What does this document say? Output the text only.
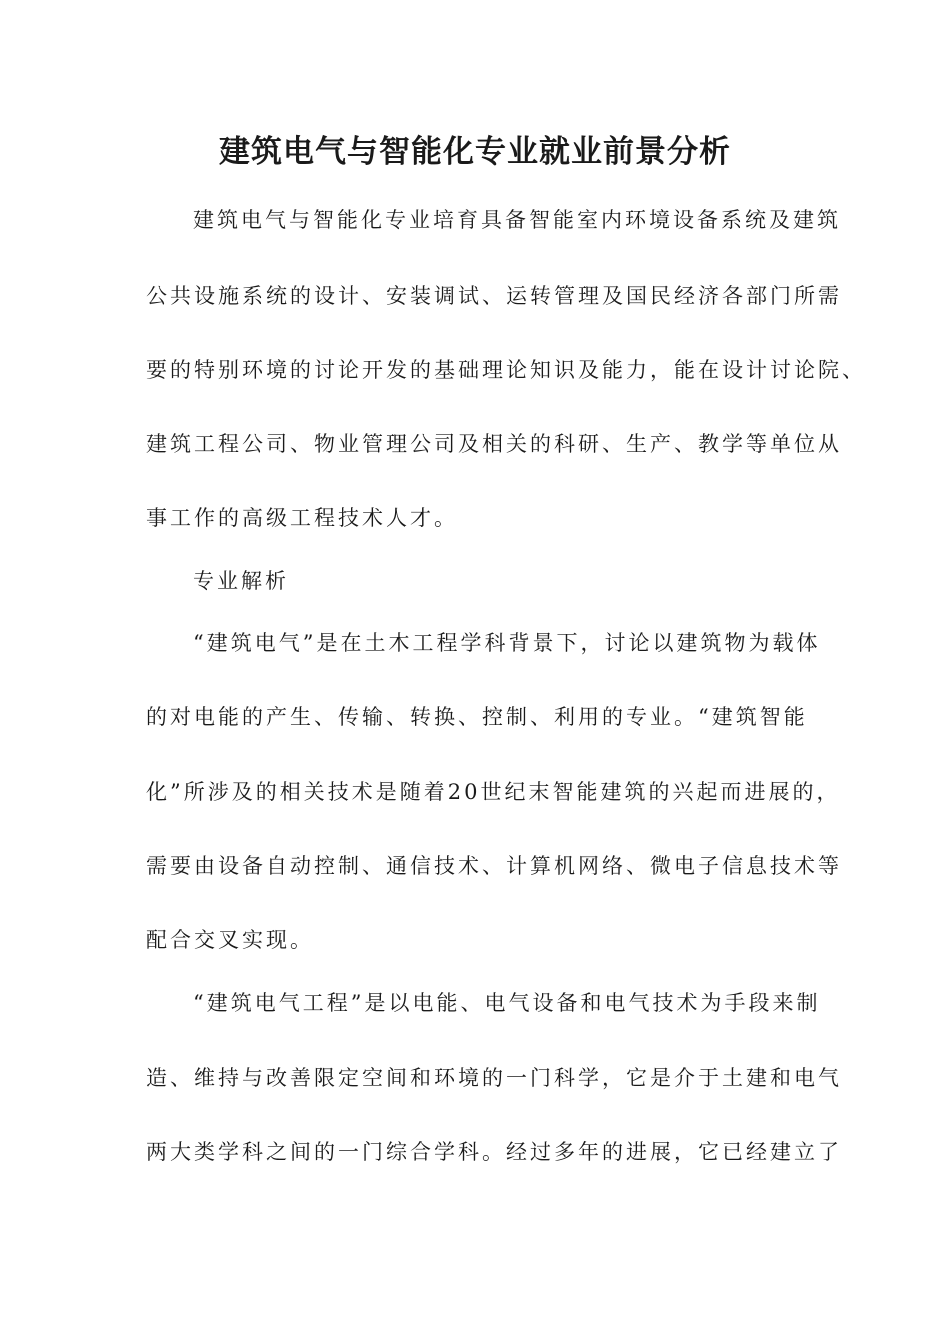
建筑电气与智能化专业就业前景分析

建筑电气与智能化专业培育具备智能室内环境设备系统及建筑

公共设施系统的设计、安装调试、运转管理及国民经济各部门所需

要的特别环境的讨论开发的基础理论知识及能力，能在设计讨论院、

建筑工程公司、物业管理公司及相关的科研、生产、教学等单位从

事工作的高级工程技术人才。

专业解析

“建筑电气”是在土木工程学科背景下，讨论以建筑物为载体

的对电能的产生、传输、转换、控制、利用的专业。“建筑智能

化”所涉及的相关技术是随着20世纪末智能建筑的兴起而进展的，

需要由设备自动控制、通信技术、计算机网络、微电子信息技术等

配合交叉实现。

“建筑电气工程”是以电能、电气设备和电气技术为手段来制

造、维持与改善限定空间和环境的一门科学，它是介于土建和电气

两大类学科之间的一门综合学科。经过多年的进展，它已经建立了
